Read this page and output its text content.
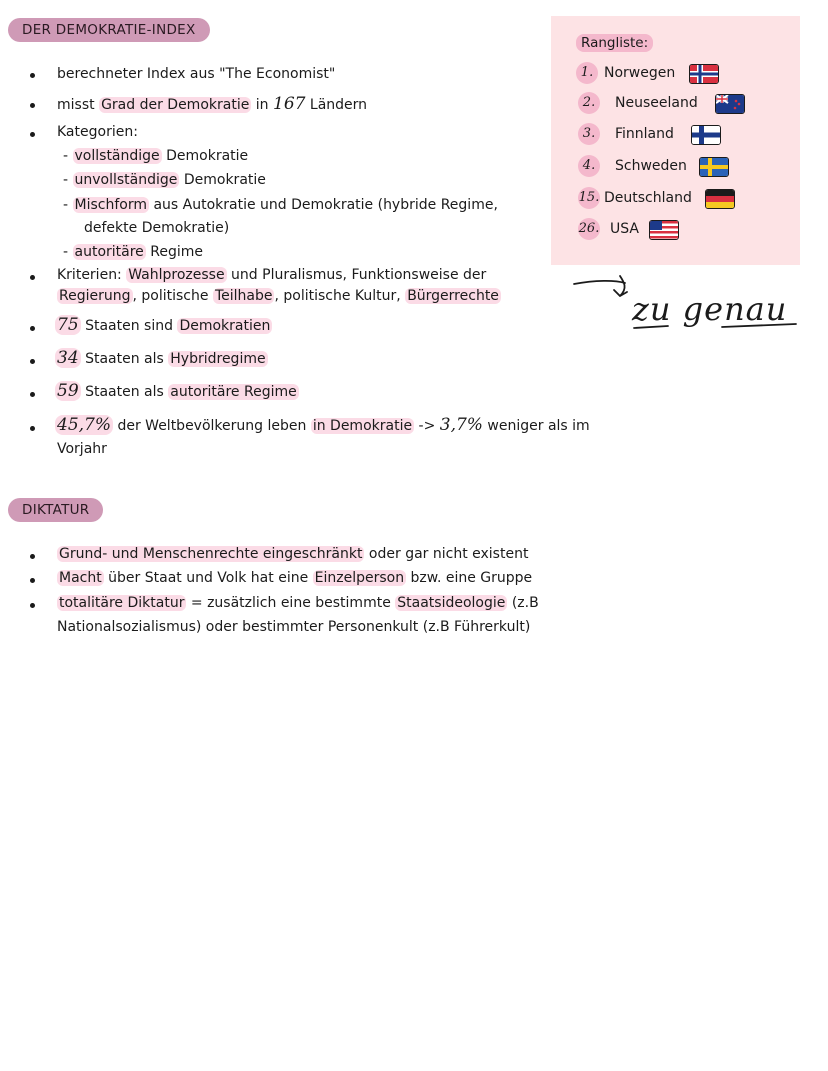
DER DEMOKRATIE-INDEX
berechneter Index aus "The Economist"
misst Grad der Demokratie in 167 Ländern
Kategorien:
- vollständige Demokratie
- unvollständige Demokratie
- Mischform aus Autokratie und Demokratie (hybride Regime,
defekte Demokratie)
- autoritäre Regime
Kriterien: Wahlprozesse und Pluralismus, Funktionsweise der
Regierung , politische Teilhabe , politische Kultur, Bürgerrechte
75 Staaten sind Demokratien
34 Staaten als Hybridregime
59 Staaten als autoritäre Regime
45,7% der Weltbevölkerung leben in Demokratie -> 3,7% weniger als im
Vorjahr
Rangliste:
1. Norwegen
2.	Neuseeland
3.	Finnland
4.	Schweden
15. Deutschland
26. USA
zu genau
DIKTATUR
Grund- und Menschenrechte eingeschränkt oder gar nicht existent
Macht über Staat und Volk hat eine Einzelperson bzw. eine Gruppe
totalitäre Diktatur = zusätzlich eine bestimmte Staatsideologie (z.B
Nationalsozialismus) oder bestimmter Personenkult (z.B Führerkult)
